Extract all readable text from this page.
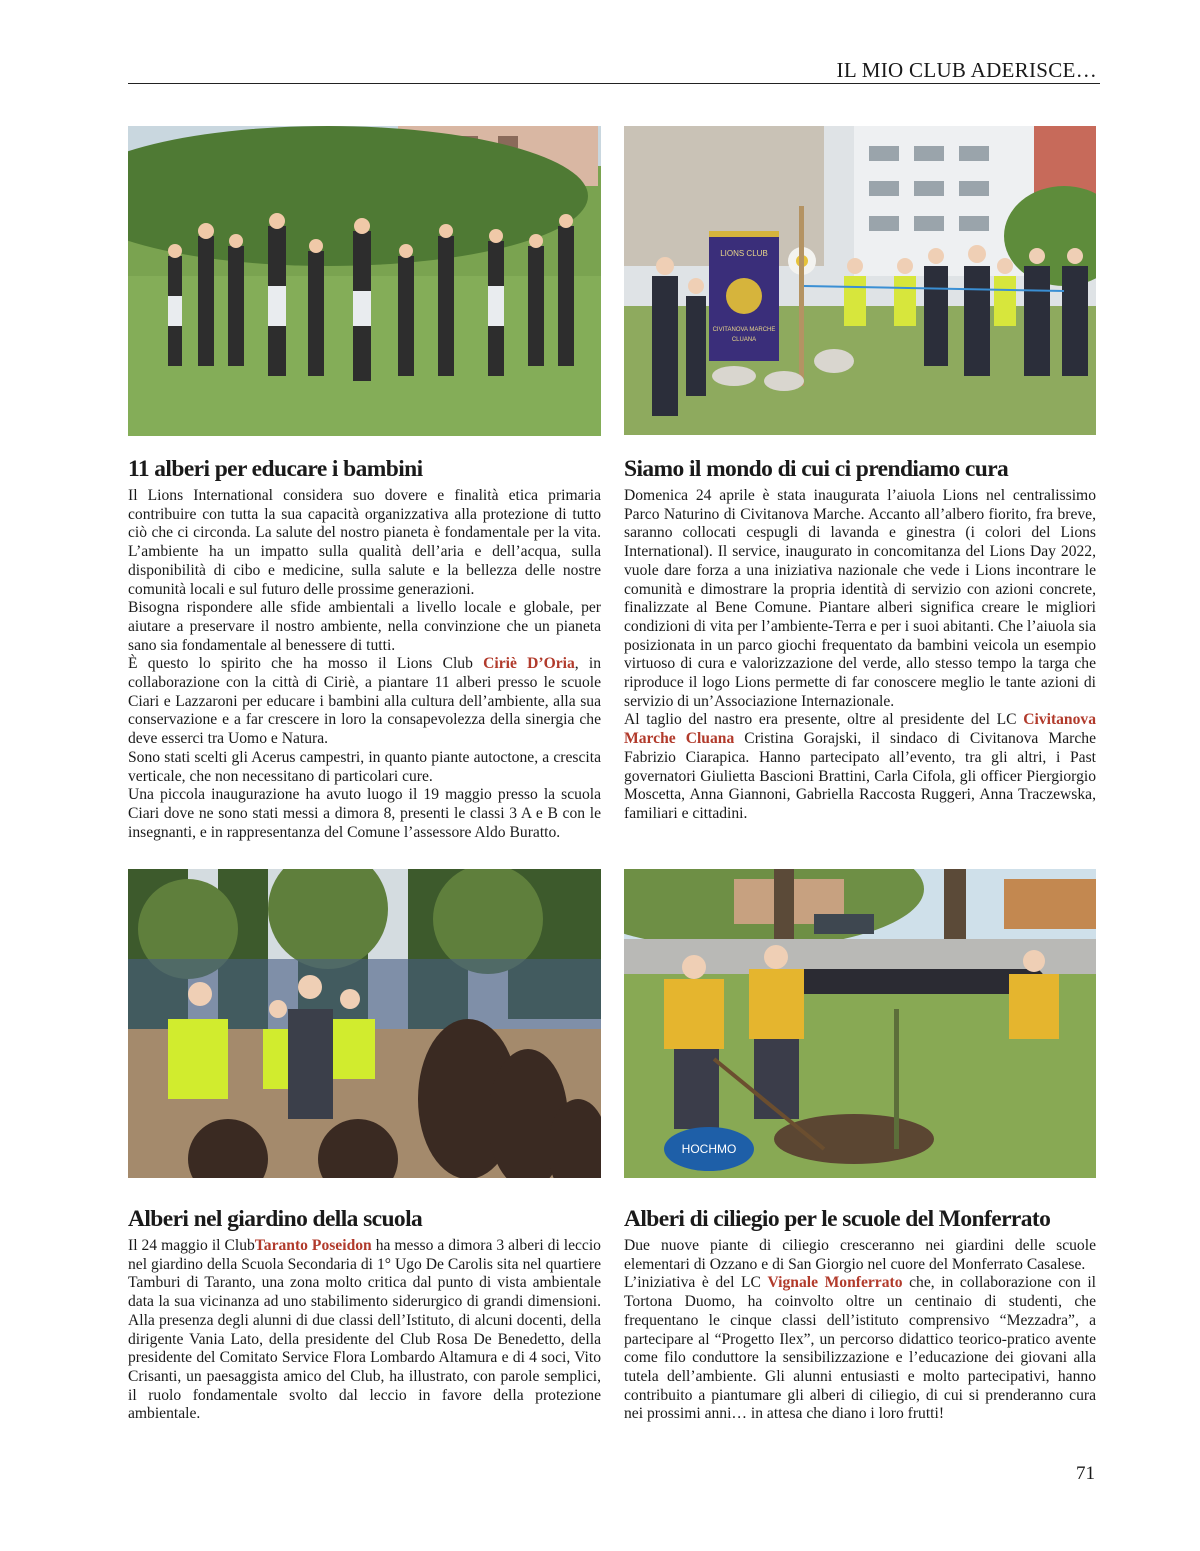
IL MIO CLUB ADERISCE…
LIONS CLUB
CIVITANOVA MARCHE
CLUANA
11 alberi per educare i bambini

Il Lions International considera suo dovere e finalità etica primaria contribuire con tutta la sua capacità organizzativa alla protezione di tutto ciò che ci circonda. La salute del nostro pianeta è fondamentale per la vita. L’ambiente ha un impatto sulla qualità dell’aria e dell’acqua, sulla disponibilità di cibo e medicine, sulla salute e la bellezza delle nostre comunità locali e sul futuro delle prossime generazioni.

Bisogna rispondere alle sfide ambientali a livello locale e globale, per aiutare a preservare il nostro ambiente, nella convinzione che un pianeta sano sia fondamentale al benessere di tutti.

È questo lo spirito che ha mosso il Lions Club Ciriè D’Oria, in collaborazione con la città di Ciriè, a piantare 11 alberi presso le scuole Ciari e Lazzaroni per educare i bambini alla cultura dell’ambiente, alla sua conservazione e a far crescere in loro la consapevolezza della sinergia che deve esserci tra Uomo e Natura.

Sono stati scelti gli Acerus campestri, in quanto piante autoctone, a crescita verticale, che non necessitano di particolari cure.

Una piccola inaugurazione ha avuto luogo il 19 maggio presso la scuola Ciari dove ne sono stati messi a dimora 8, presenti le classi 3 A e B con le insegnanti, e in rappresentanza del Comune l’assessore Aldo Buratto.

Siamo il mondo di cui ci prendiamo cura

Domenica 24 aprile è stata inaugurata l’aiuola Lions nel centralissimo Parco Naturino di Civitanova Marche. Accanto all’albero fiorito, fra breve, saranno collocati cespugli di lavanda e ginestra (i colori del Lions International). Il service, inaugurato in concomitanza del Lions Day 2022, vuole dare forza a una iniziativa nazionale che vede i Lions incontrare le comunità e dimostrare la propria identità di servizio con azioni concrete, finalizzate al Bene Comune. Piantare alberi significa creare le migliori condizioni di vita per l’ambiente-Terra e per i suoi abitanti. Che l’aiuola sia posizionata in un parco giochi frequentato da bambini veicola un esempio virtuoso di cura e valorizzazione del verde, allo stesso tempo la targa che riproduce il logo Lions permette di far conoscere meglio le tante azioni di servizio di un’Associazione Internazionale.

Al taglio del nastro era presente, oltre al presidente del LC Civitanova Marche Cluana Cristina Gorajski, il sindaco di Civitanova Marche Fabrizio Ciarapica. Hanno partecipato all’evento, tra gli altri, i Past governatori Giulietta Bascioni Brattini, Carla Cifola, gli officer Piergiorgio Moscetta, Anna Giannoni, Gabriella Raccosta Ruggeri, Anna Traczewska, familiari e cittadini.

HOCHMO
Alberi nel giardino della scuola

Il 24 maggio il ClubTaranto Poseidon ha messo a dimora 3 alberi di leccio nel giardino della Scuola Secondaria di 1° Ugo De Carolis sita nel quartiere Tamburi di Taranto, una zona molto critica dal punto di vista ambientale data la sua vicinanza ad uno stabilimento siderurgico di grandi dimensioni. Alla presenza degli alunni di due classi dell’Istituto, di alcuni docenti, della dirigente Vania Lato, della presidente del Club Rosa De Benedetto, della presidente del Comitato Service Flora Lombardo Altamura e di 4 soci, Vito Crisanti, un paesaggista amico del Club, ha illustrato, con parole semplici, il ruolo fondamentale svolto dal leccio in favore della protezione ambientale.

Alberi di ciliegio per le scuole del Monferrato

Due nuove piante di ciliegio cresceranno nei giardini delle scuole elementari di Ozzano e di San Giorgio nel cuore del Monferrato Casalese.

L’iniziativa è del LC Vignale Monferrato che, in collaborazione con il Tortona Duomo, ha coinvolto oltre un centinaio di studenti, che frequentano le cinque classi dell’istituto comprensivo “Mezzadra”, a partecipare al “Progetto Ilex”, un percorso didattico teorico-pratico avente come filo conduttore la sensibilizzazione e l’educazione dei giovani alla tutela dell’ambiente. Gli alunni entusiasti e molto partecipativi, hanno contribuito a piantumare gli alberi di ciliegio, di cui si prenderanno cura nei prossimi anni… in attesa che diano i loro frutti!

71
